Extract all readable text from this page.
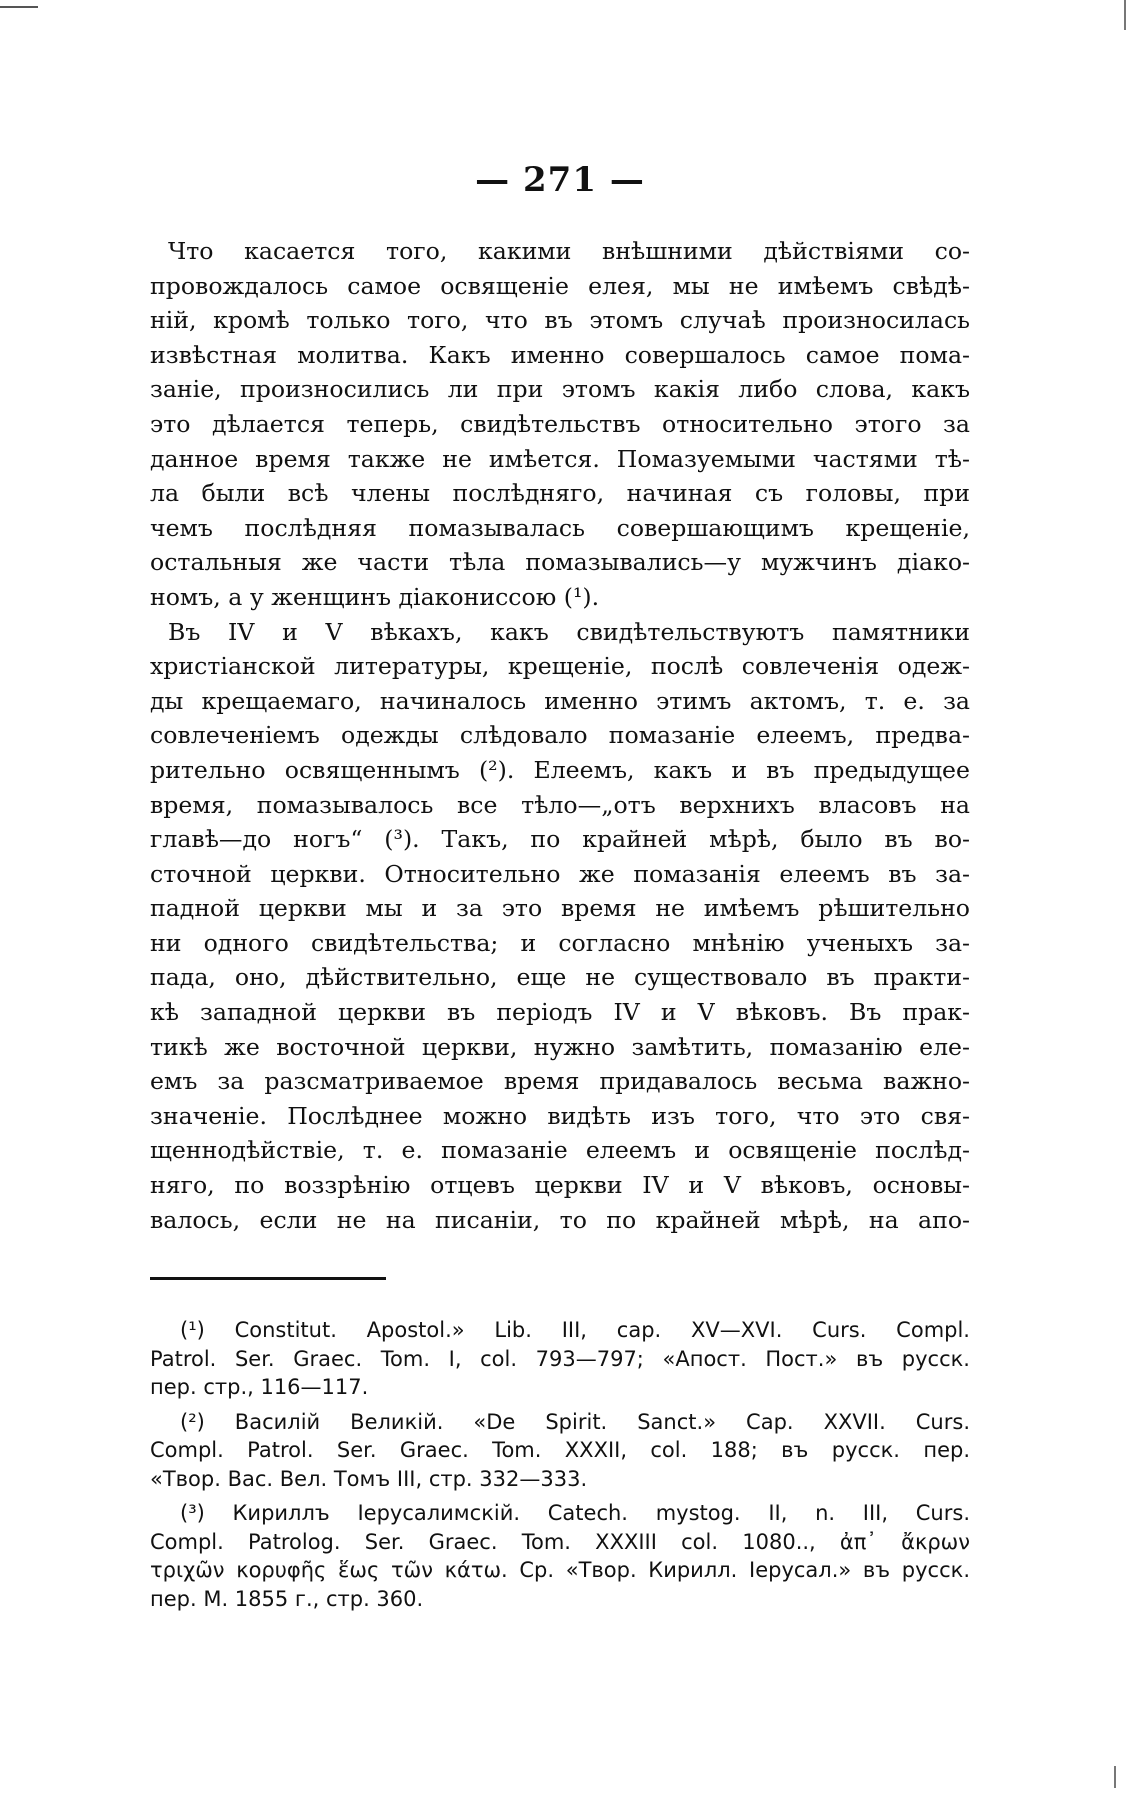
— 271 —

Что касается того, какими внѣшними дѣйствіями со-
провождалось самое освященіе елея, мы не имѣемъ свѣдѣ-
ній, кромѣ только того, что въ этомъ случаѣ произносилась
извѣстная молитва. Какъ именно совершалось самое пома-
заніе, произносились ли при этомъ какія либо слова, какъ
это дѣлается теперь, свидѣтельствъ относительно этого за
данное время также не имѣется. Помазуемыми частями тѣ-
ла были всѣ члены послѣдняго, начиная съ головы, при
чемъ послѣдняя помазывалась совершающимъ крещеніе,
остальныя же части тѣла помазывались—у мужчинъ діако-
номъ, а у женщинъ діакониссою (¹).

Въ IV и V вѣкахъ, какъ свидѣтельствуютъ памятники
христіанской литературы, крещеніе, послѣ совлеченія одеж-
ды крещаемаго, начиналось именно этимъ актомъ, т. е. за
совлеченіемъ одежды слѣдовало помазаніе елеемъ, предва-
рительно освященнымъ (²). Елеемъ, какъ и въ предыдущее
время, помазывалось все тѣло—„отъ верхнихъ власовъ на
главѣ—до ногъ“ (³). Такъ, по крайней мѣрѣ, было въ во-
сточной церкви. Относительно же помазанія елеемъ въ за-
падной церкви мы и за это время не имѣемъ рѣшительно
ни одного свидѣтельства; и согласно мнѣнію ученыхъ за-
пада, оно, дѣйствительно, еще не существовало въ практи-
кѣ западной церкви въ періодъ IV и V вѣковъ. Въ прак-
тикѣ же восточной церкви, нужно замѣтить, помазанію еле-
емъ за разсматриваемое время придавалось весьма важно-
значеніе. Послѣднее можно видѣть изъ того, что это свя-
щеннодѣйствіе, т. е. помазаніе елеемъ и освященіе послѣд-
няго, по воззрѣнію отцевъ церкви IV и V вѣковъ, основы-
валось, если не на писаніи, то по крайней мѣрѣ, на апо-

(¹) Constitut. Apostol.» Lib. III, cap. XV—XVI. Curs. Compl.
Patrol. Ser. Graec. Tom. I, col. 793—797; «Апост. Пост.» въ русск.
пер. стр., 116—117.

(²) Василій Великій. «De Spirit. Sanct.» Cap. XXVII. Curs.
Compl. Patrol. Ser. Graec. Tom. XXXII, col. 188; въ русск. пер.
«Твор. Вас. Вел. Томъ III, стр. 332—333.

(³) Кириллъ Іерусалимскій. Catech. mystog. II, n. III, Curs.
Compl. Patrolog. Ser. Graec. Tom. XXXIII col. 1080.., ἀπ᾽ ἄκρων
τριχῶν κορυφῆς ἕως τῶν κάτω. Ср. «Твор. Кирилл. Іерусал.» въ русск.
пер. М. 1855 г., стр. 360.
